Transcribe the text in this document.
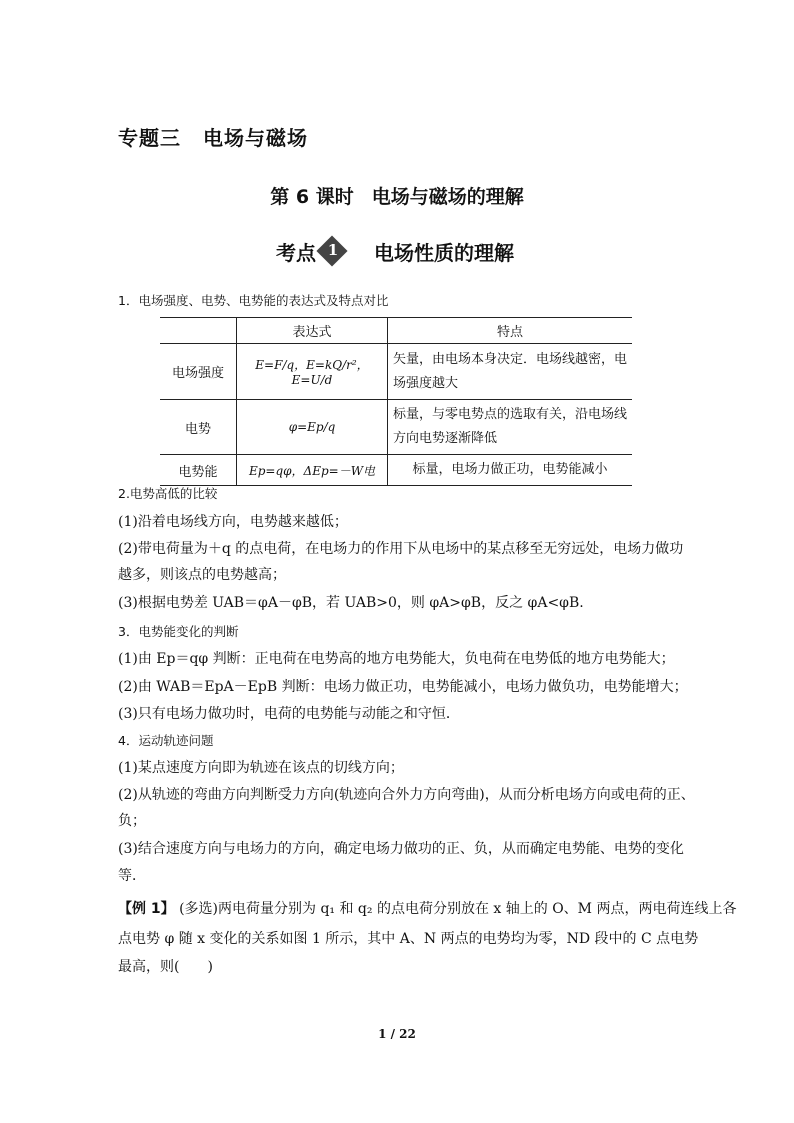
专题三 电场与磁场
第 6 课时 电场与磁场的理解
考点 1	电场性质的理解
1．电场强度、电势、电势能的表达式及特点对比
	表达式	特点
电场强度	E=F/q，E=kQ/r²，E=U/d	矢量，由电场本身决定．电场线越密，电场强度越大
电势	φ=Ep/q	标量，与零电势点的选取有关，沿电场线方向电势逐渐降低
电势能	Ep=qφ，ΔEp=－W电	标量，电场力做正功，电势能减小
2.电势高低的比较
(1)沿着电场线方向，电势越来越低；
(2)带电荷量为＋q 的点电荷，在电场力的作用下从电场中的某点移至无穷远处，电场力做功
越多，则该点的电势越高；
(3)根据电势差 UAB＝φA－φB，若 UAB>0，则 φA>φB，反之 φA<φB.
3．电势能变化的判断
(1)由 Ep＝qφ 判断：正电荷在电势高的地方电势能大，负电荷在电势低的地方电势能大；
(2)由 WAB＝EpA－EpB 判断：电场力做正功，电势能减小，电场力做负功，电势能增大；
(3)只有电场力做功时，电荷的电势能与动能之和守恒．
4．运动轨迹问题
(1)某点速度方向即为轨迹在该点的切线方向；
(2)从轨迹的弯曲方向判断受力方向(轨迹向合外力方向弯曲)，从而分析电场方向或电荷的正、
负；
(3)结合速度方向与电场力的方向，确定电场力做功的正、负，从而确定电势能、电势的变化
等．
【例 1】 (多选)两电荷量分别为 q₁ 和 q₂ 的点电荷分别放在 x 轴上的 O、M 两点，两电荷连线上各
点电势 φ 随 x 变化的关系如图 1 所示，其中 A、N 两点的电势均为零，ND 段中的 C 点电势
最高，则(　　)
1 / 22
